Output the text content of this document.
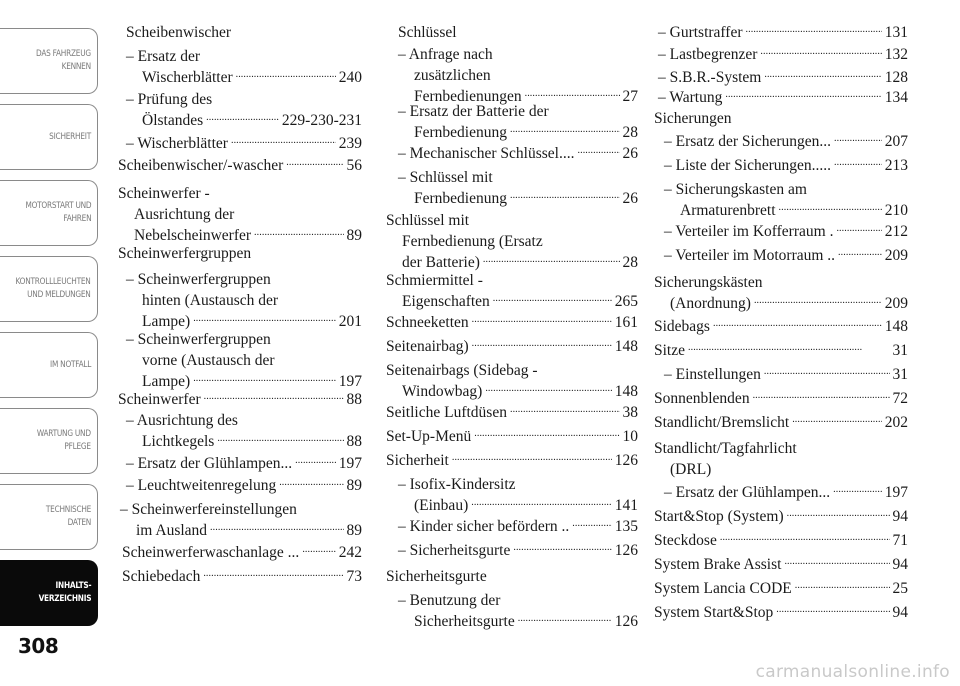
DAS FAHRZEUG
KENNEN
SICHERHEIT
MOTORSTART UND
FAHREN
KONTROLLLEUCHTEN
UND MELDUNGEN
IM NOTFALL
WARTUNG UND
PFLEGE
TECHNISCHE
DATEN
INHALTS-
VERZEICHNIS
308
Scheibenwischer
– Ersatz der
Wischerblätter . . .	240
– Prüfung des
Ölstandes . . .	229-230-231
– Wischerblätter . . .	239
Scheibenwischer/-wascher . . .	56
Scheinwerfer -
Ausrichtung der
Nebelscheinwerfer . . .	89
Scheinwerfergruppen
– Scheinwerfergruppen
hinten (Austausch der
Lampe) . . .	201
– Scheinwerfergruppen
vorne (Austausch der
Lampe) . . .	197
Scheinwerfer . . .	88
– Ausrichtung des
Lichtkegels . . .	88
– Ersatz der Glühlampen... . . .	197
– Leuchtweitenregelung . . .	89
– Scheinwerfereinstellungen
im Ausland . . .	89
Scheinwerferwaschanlage ... . . .	242
Schiebedach . . .	73
Schlüssel
– Anfrage nach
zusätzlichen
Fernbedienungen . . .	27
– Ersatz der Batterie der
Fernbedienung . . .	28
– Mechanischer Schlüssel.... . . .	26
– Schlüssel mit
Fernbedienung . . .	26
Schlüssel mit
Fernbedienung (Ersatz
der Batterie) . . .	28
Schmiermittel -
Eigenschaften . . .	265
Schneeketten . . .	161
Seitenairbag) . . .	148
Seitenairbags (Sidebag -
Windowbag) . . .	148
Seitliche Luftdüsen . . .	38
Set-Up-Menü . . .	10
Sicherheit . . .	126
– Isofix-Kindersitz
(Einbau) . . .	141
– Kinder sicher befördern .. . . .	135
– Sicherheitsgurte . . .	126
Sicherheitsgurte
– Benutzung der
Sicherheitsgurte . . .	126
– Gurtstraffer . . .	131
– Lastbegrenzer . . .	132
– S.B.R.-System . . .	128
– Wartung . . .	134
Sicherungen
– Ersatz der Sicherungen... . . .	207
– Liste der Sicherungen..... . . .	213
– Sicherungskasten am
Armaturenbrett . . .	210
– Verteiler im Kofferraum . . . .	212
– Verteiler im Motorraum .. . . .	209
Sicherungskästen
(Anordnung) . . .	209
Sidebags . . .	148
Sitze . . .	31
– Einstellungen . . .	31
Sonnenblenden . . .	72
Standlicht/Bremslicht . . .	202
Standlicht/Tagfahrlicht
(DRL)
– Ersatz der Glühlampen... . . .	197
Start&Stop (System) . . .	94
Steckdose . . .	71
System Brake Assist . . .	94
System Lancia CODE . . .	25
System Start&Stop . . .	94
carmanualsonline.info
